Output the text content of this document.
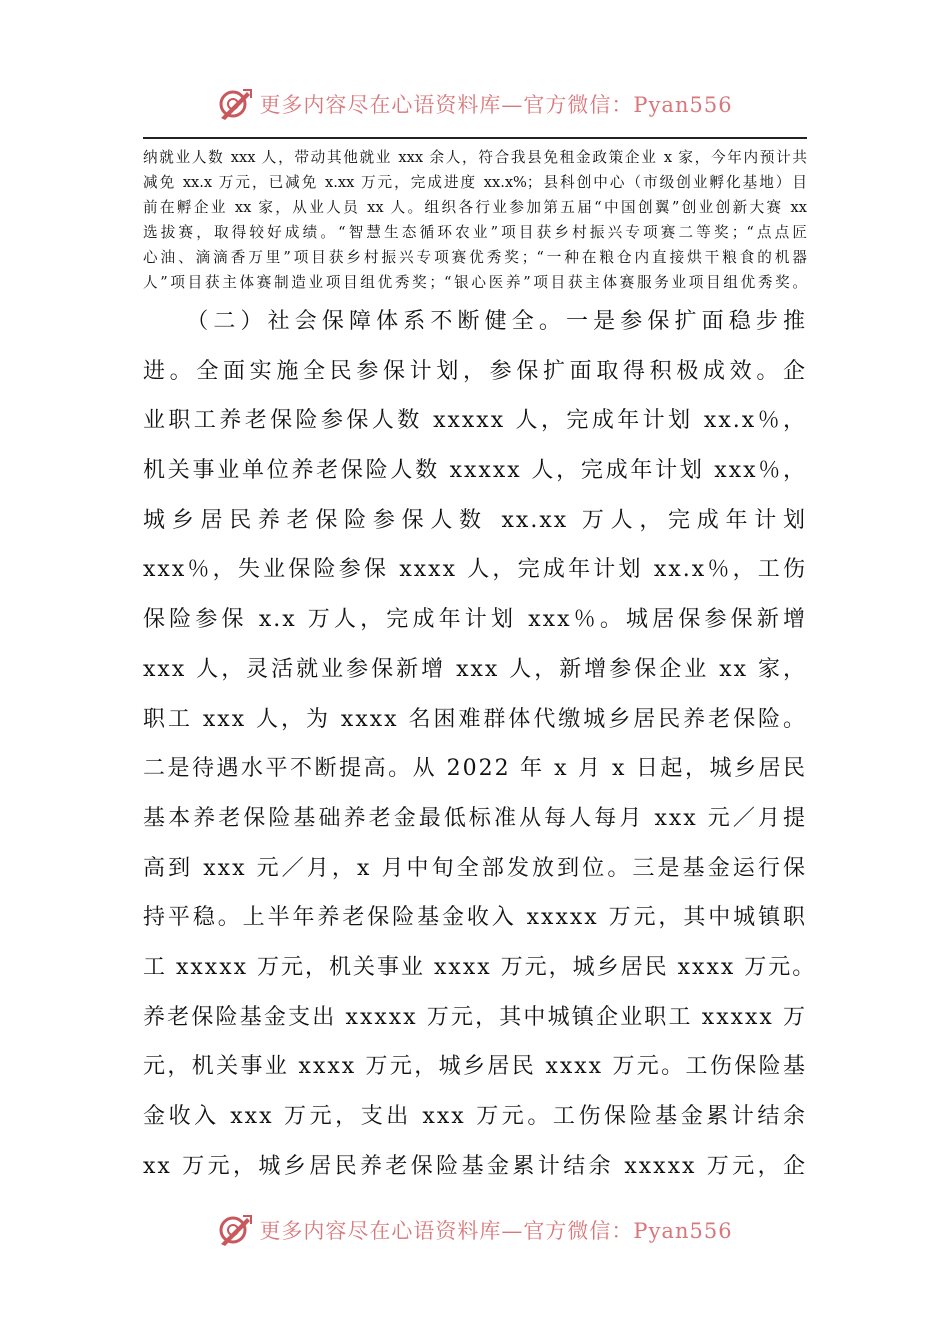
更多内容尽在心语资料库—官方微信：Pyan556

纳就业人数 xxx 人，带动其他就业 xxx 余人，符合我县免租金政策企业 x 家，今年内预计共

减免 xx.x 万元，已减免 x.xx 万元，完成进度 xx.x%；县科创中心（市级创业孵化基地）目

前在孵企业 xx 家，从业人员 xx 人。组织各行业参加第五届“中国创翼”创业创新大赛 xx

选拔赛，取得较好成绩。“智慧生态循环农业”项目获乡村振兴专项赛二等奖；“点点匠

心油、滴滴香万里”项目获乡村振兴专项赛优秀奖；“一种在粮仓内直接烘干粮食的机器

人”项目获主体赛制造业项目组优秀奖；“银心医养”项目获主体赛服务业项目组优秀奖。

　　（二）社会保障体系不断健全。一是参保扩面稳步推
进。全面实施全民参保计划，参保扩面取得积极成效。企
业职工养老保险参保人数 xxxxx 人，完成年计划 xx.x％，
机关事业单位养老保险人数 xxxxx 人，完成年计划 xxx％，
城乡居民养老保险参保人数 xx.xx 万人，完成年计划
xxx％，失业保险参保 xxxx 人，完成年计划 xx.x％，工伤
保险参保 x.x 万人，完成年计划 xxx％。城居保参保新增
xxx 人，灵活就业参保新增 xxx 人，新增参保企业 xx 家，
职工 xxx 人，为 xxxx 名困难群体代缴城乡居民养老保险。
二是待遇水平不断提高。从 2022 年 x 月 x 日起，城乡居民
基本养老保险基础养老金最低标准从每人每月 xxx 元／月提
高到 xxx 元／月，x 月中旬全部发放到位。三是基金运行保
持平稳。上半年养老保险基金收入 xxxxx 万元，其中城镇职
工 xxxxx 万元，机关事业 xxxx 万元，城乡居民 xxxx 万元。
养老保险基金支出 xxxxx 万元，其中城镇企业职工 xxxxx 万
元，机关事业 xxxx 万元，城乡居民 xxxx 万元。工伤保险基
金收入 xxx 万元，支出 xxx 万元。工伤保险基金累计结余
xx 万元，城乡居民养老保险基金累计结余 xxxxx 万元，企
更多内容尽在心语资料库—官方微信：Pyan556
